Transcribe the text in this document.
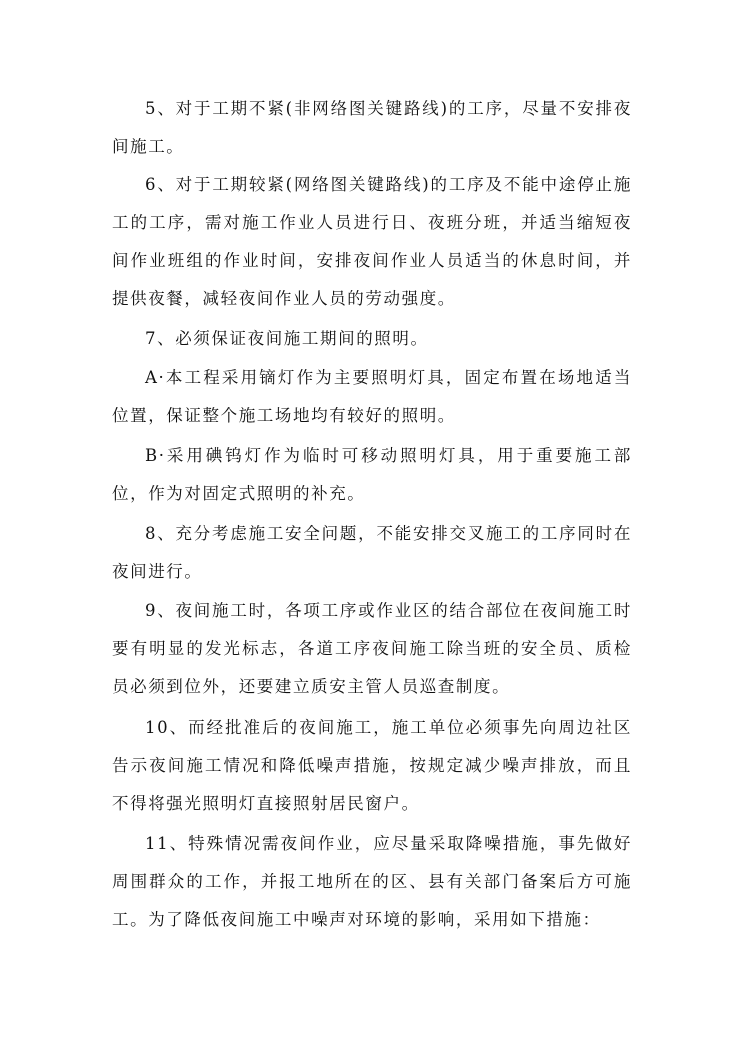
5、对于工期不紧(非网络图关键路线)的工序，尽量不安排夜间施工。

6、对于工期较紧(网络图关键路线)的工序及不能中途停止施工的工序，需对施工作业人员进行日、夜班分班，并适当缩短夜间作业班组的作业时间，安排夜间作业人员适当的休息时间，并提供夜餐，减轻夜间作业人员的劳动强度。

7、必须保证夜间施工期间的照明。

A·本工程采用镝灯作为主要照明灯具，固定布置在场地适当位置，保证整个施工场地均有较好的照明。

B·采用碘钨灯作为临时可移动照明灯具，用于重要施工部位，作为对固定式照明的补充。

8、充分考虑施工安全问题，不能安排交叉施工的工序同时在夜间进行。

9、夜间施工时，各项工序或作业区的结合部位在夜间施工时要有明显的发光标志，各道工序夜间施工除当班的安全员、质检员必须到位外，还要建立质安主管人员巡查制度。

10、而经批准后的夜间施工，施工单位必须事先向周边社区告示夜间施工情况和降低噪声措施，按规定减少噪声排放，而且不得将强光照明灯直接照射居民窗户。

11、特殊情况需夜间作业，应尽量采取降噪措施，事先做好周围群众的工作，并报工地所在的区、县有关部门备案后方可施工。为了降低夜间施工中噪声对环境的影响，采用如下措施：
